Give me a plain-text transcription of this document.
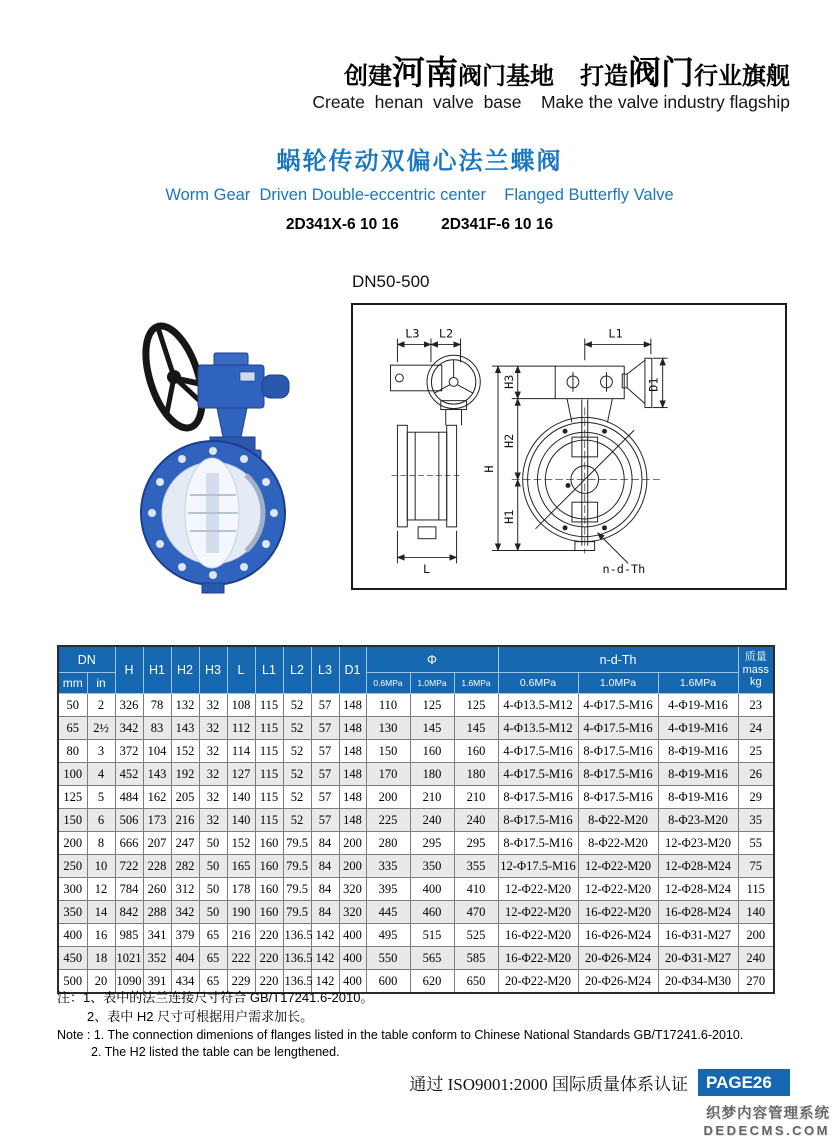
创建河南阀门基地 打造阀门行业旗舰
Create  henan  valve  base    Make the valve industry flagship
蜗轮传动双偏心法兰蝶阀
Worm Gear  Driven Double-eccentric center    Flanged Butterfly Valve
2D341X-6 10 16	2D341F-6 10 16
DN50-500
L3 L2
L
L1
D1
H
H3
H2
H1
n-d-Th
DN		H	H1	H2	H3	L	L1	L2	L3	D1	Φ			n-d-Th			质量
mass
kg

mm	in										0.6MPa	1.0MPa	1.6MPa	0.6MPa	1.0MPa	1.6MPa	
50	2	326	78	132	32	108	115	52	57	148	110	125	125	4-Φ13.5-M12	4-Φ17.5-M16	4-Φ19-M16	23
65	2½	342	83	143	32	112	115	52	57	148	130	145	145	4-Φ13.5-M12	4-Φ17.5-M16	4-Φ19-M16	24
80	3	372	104	152	32	114	115	52	57	148	150	160	160	4-Φ17.5-M16	8-Φ17.5-M16	8-Φ19-M16	25
100	4	452	143	192	32	127	115	52	57	148	170	180	180	4-Φ17.5-M16	8-Φ17.5-M16	8-Φ19-M16	26
125	5	484	162	205	32	140	115	52	57	148	200	210	210	8-Φ17.5-M16	8-Φ17.5-M16	8-Φ19-M16	29
150	6	506	173	216	32	140	115	52	57	148	225	240	240	8-Φ17.5-M16	8-Φ22-M20	8-Φ23-M20	35
200	8	666	207	247	50	152	160	79.5	84	200	280	295	295	8-Φ17.5-M16	8-Φ22-M20	12-Φ23-M20	55
250	10	722	228	282	50	165	160	79.5	84	200	335	350	355	12-Φ17.5-M16	12-Φ22-M20	12-Φ28-M24	75
300	12	784	260	312	50	178	160	79.5	84	320	395	400	410	12-Φ22-M20	12-Φ22-M20	12-Φ28-M24	115
350	14	842	288	342	50	190	160	79.5	84	320	445	460	470	12-Φ22-M20	16-Φ22-M20	16-Φ28-M24	140
400	16	985	341	379	65	216	220	136.5	142	400	495	515	525	16-Φ22-M20	16-Φ26-M24	16-Φ31-M27	200
450	18	1021	352	404	65	222	220	136.5	142	400	550	565	585	16-Φ22-M20	20-Φ26-M24	20-Φ31-M27	240
500	20	1090	391	434	65	229	220	136.5	142	400	600	620	650	20-Φ22-M20	20-Φ26-M24	20-Φ34-M30	270
注：1、表中的法兰连接尺寸符合 GB/T17241.6-2010。
2、表中 H2 尺寸可根据用户需求加长。
Note : 1. The connection dimenions of flanges listed in the table conform to Chinese National Standards GB/T17241.6-2010.
2. The H2 listed the table can be lengthened.
通过 ISO9001:2000 国际质量体系认证	PAGE26
织梦内容管理系统
DEDECMS.COM
